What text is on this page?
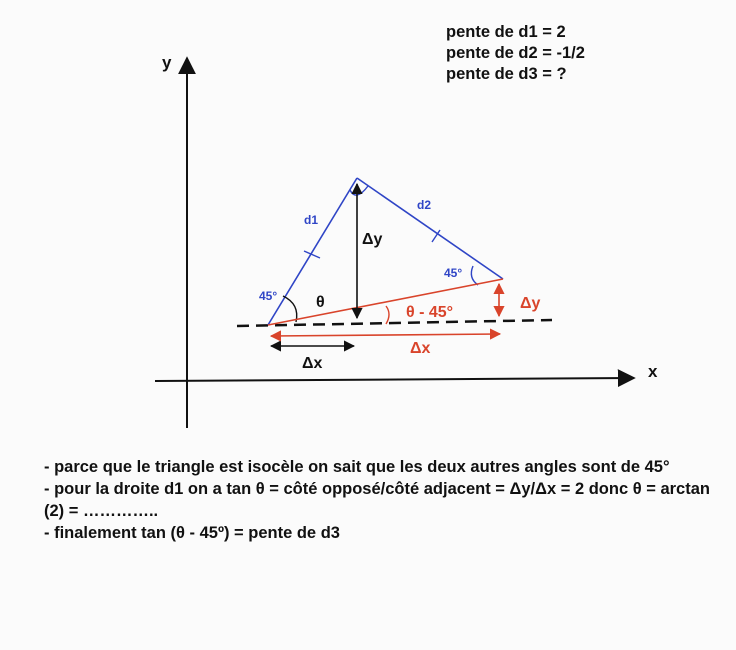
y
x
d1
d2
45°
45°
θ
θ - 45°
Δy
Δx
Δy
Δx
pente de d1 = 2
pente de d2 = -1/2
pente de d3 = ?
- parce que le triangle est isocèle on sait que les deux autres angles sont de 45°
- pour la droite d1 on a tan θ = côté opposé/côté adjacent = Δy/Δx = 2 donc θ = arctan (2) = …………..
- finalement tan (θ - 45º) = pente de d3
